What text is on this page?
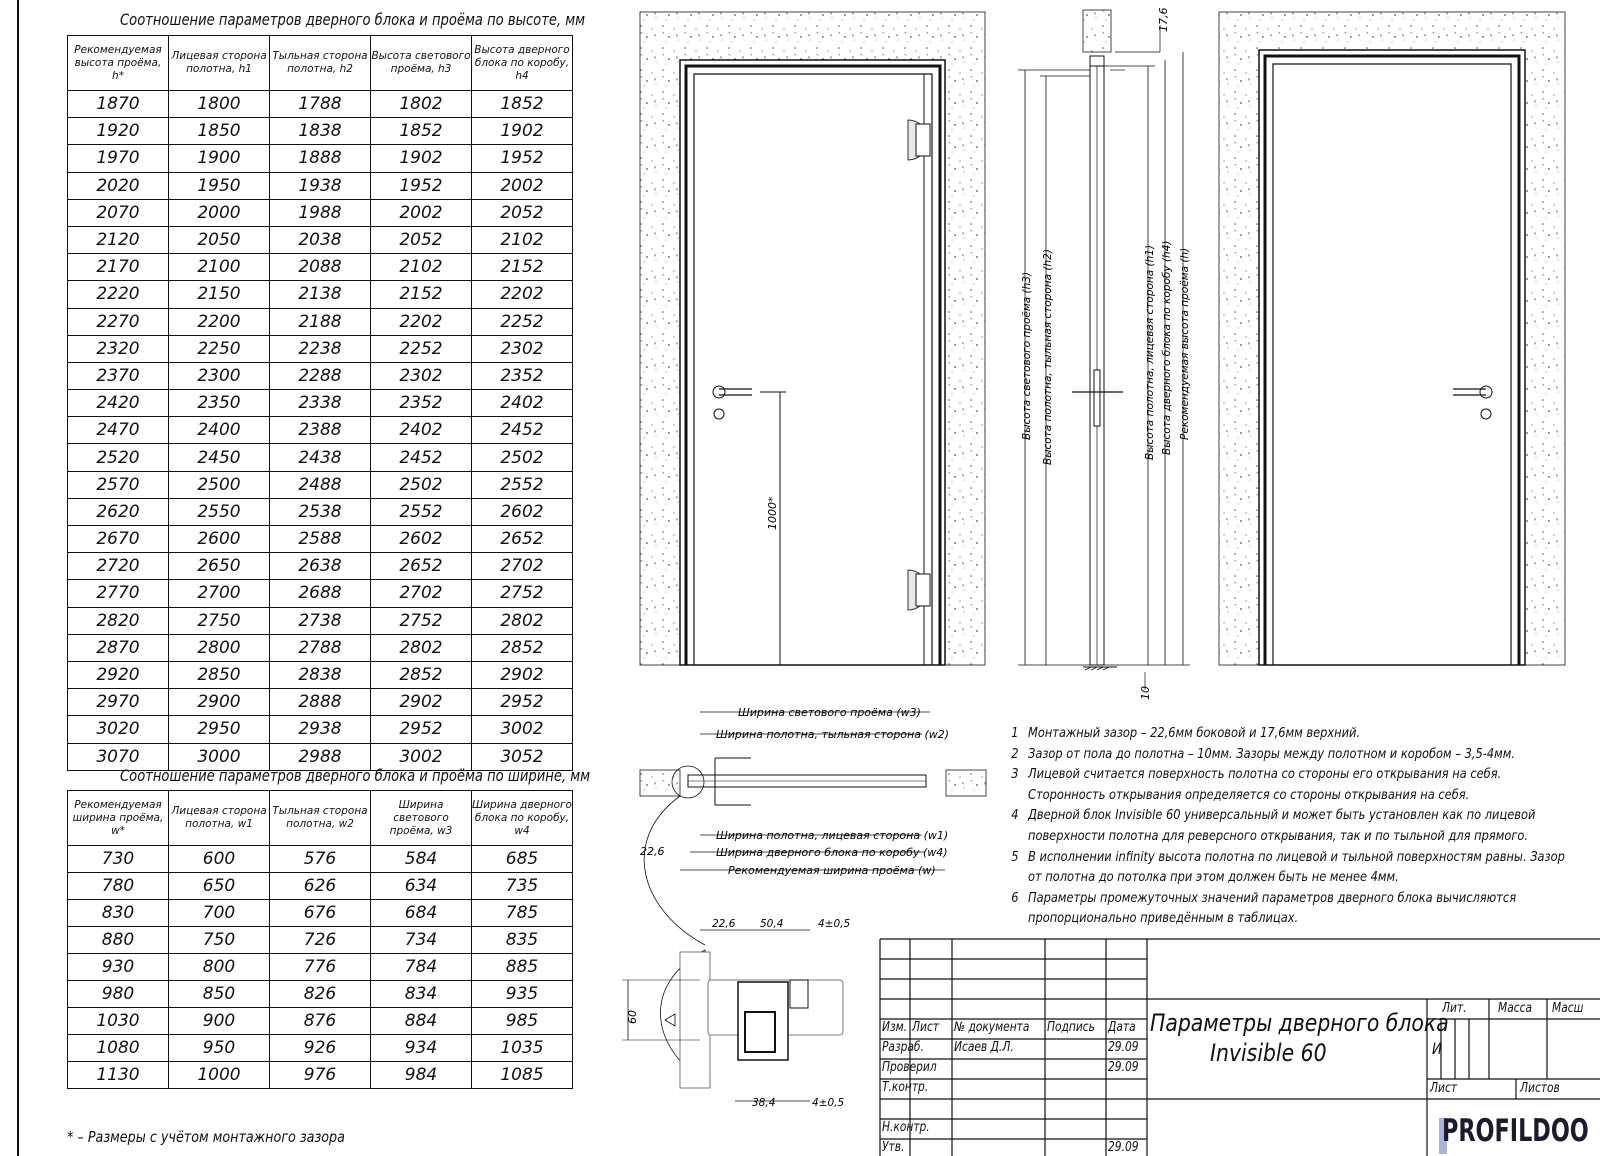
Соотношение параметров дверного блока и проёма по высоте, мм
Рекомендуемая высота проёма, h*	Лицевая сторона полотна, h1	Тыльная сторона полотна, h2	Высота светового проёма, h3	Высота дверного блока по коробу, h4
1870	1800	1788	1802	1852
1920	1850	1838	1852	1902
1970	1900	1888	1902	1952
2020	1950	1938	1952	2002
2070	2000	1988	2002	2052
2120	2050	2038	2052	2102
2170	2100	2088	2102	2152
2220	2150	2138	2152	2202
2270	2200	2188	2202	2252
2320	2250	2238	2252	2302
2370	2300	2288	2302	2352
2420	2350	2338	2352	2402
2470	2400	2388	2402	2452
2520	2450	2438	2452	2502
2570	2500	2488	2502	2552
2620	2550	2538	2552	2602
2670	2600	2588	2602	2652
2720	2650	2638	2652	2702
2770	2700	2688	2702	2752
2820	2750	2738	2752	2802
2870	2800	2788	2802	2852
2920	2850	2838	2852	2902
2970	2900	2888	2902	2952
3020	2950	2938	2952	3002
3070	3000	2988	3002	3052
Соотношение параметров дверного блока и проёма по ширине, мм
Рекомендуемая ширина проёма, w*	Лицевая сторона полотна, w1	Тыльная сторона полотна, w2	Ширина светового проёма, w3	Ширина дверного блока по коробу, w4
730	600	576	584	685
780	650	626	634	735
830	700	676	684	785
880	750	726	734	835
930	800	776	784	885
980	850	826	834	935
1030	900	876	884	985
1080	950	926	934	1035
1130	1000	976	984	1085
* – Размеры с учётом монтажного зазора
1000*
17,6
10
Высота светового проёма (h3) Высота полотна, тыльная сторона (h2)	Высота полотна, лицевая сторона (h1) Высота дверного блока по коробу (h4) Рекомендуемая высота проёма (h)
Ширина светового проёма (w3)
Ширина полотна, тыльная сторона (w2)
Ширина полотна, лицевая сторона (w1)
Ширина дверного блока по коробу (w4)
Рекомендуемая ширина проёма (w)
22,6
60
22,6 50,4	4±0,5
38,4	4±0,5
1 Монтажный зазор – 22,6мм боковой и 17,6мм верхний.
2 Зазор от пола до полотна – 10мм. Зазоры между полотном и коробом – 3,5-4мм.
3 Лицевой считается поверхность полотна со стороны его открывания на себя.
Сторонность открывания определяется со стороны открывания на себя.
4 Дверной блок Invisible 60 универсальный и может быть установлен как по лицевой
поверхности полотна для реверсного открывания, так и по тыльной для прямого.
5 В исполнении infinity высота полотна по лицевой и тыльной поверхностям равны. Зазор
от полотна до потолка при этом должен быть не менее 4мм.
6 Параметры промежуточных значений параметров дверного блока вычисляются
пропорционально приведённым в таблицах.
Изм. Лист № документа Подпись Дата
Разраб. Исаев Д.Л.	29.09
Проверил	29.09
Т.контр.
Н.контр.
Утв.	29.09
Параметры дверного блока
Invisible 60
Лит. Масса Масш
И
Лист	Листов
PROFILDOO
